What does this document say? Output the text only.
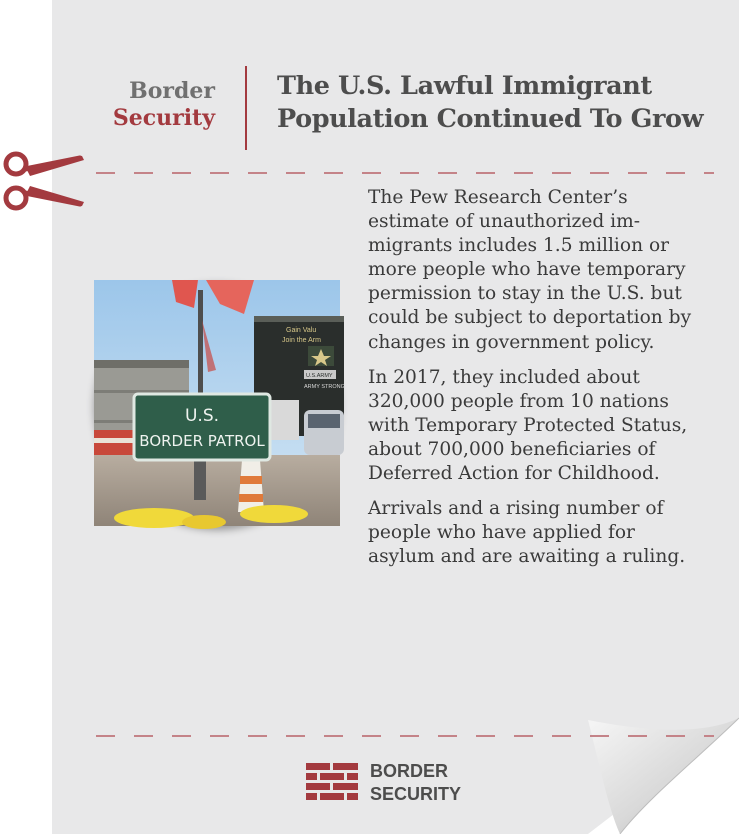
Border
Security
The U.S. Lawful Immigrant Population Continued To Grow
Gain Valu
Join the Arm
U.S.ARMY
ARMY STRONG
U.S.
BORDER PATROL

The Pew Research Center’s estimate of unauthorized immigrants includes 1.5 million or more people who have temporary permission to stay in the U.S. but could be subject to deportation by changes in government policy.

In 2017, they included about 320,000 people from 10 nations with Temporary Protected Status, about 700,000 beneficiaries of Deferred Action for Childhood.

Arrivals and a rising number of people who have applied for asylum and are awaiting a ruling.

BORDER
SECURITY
